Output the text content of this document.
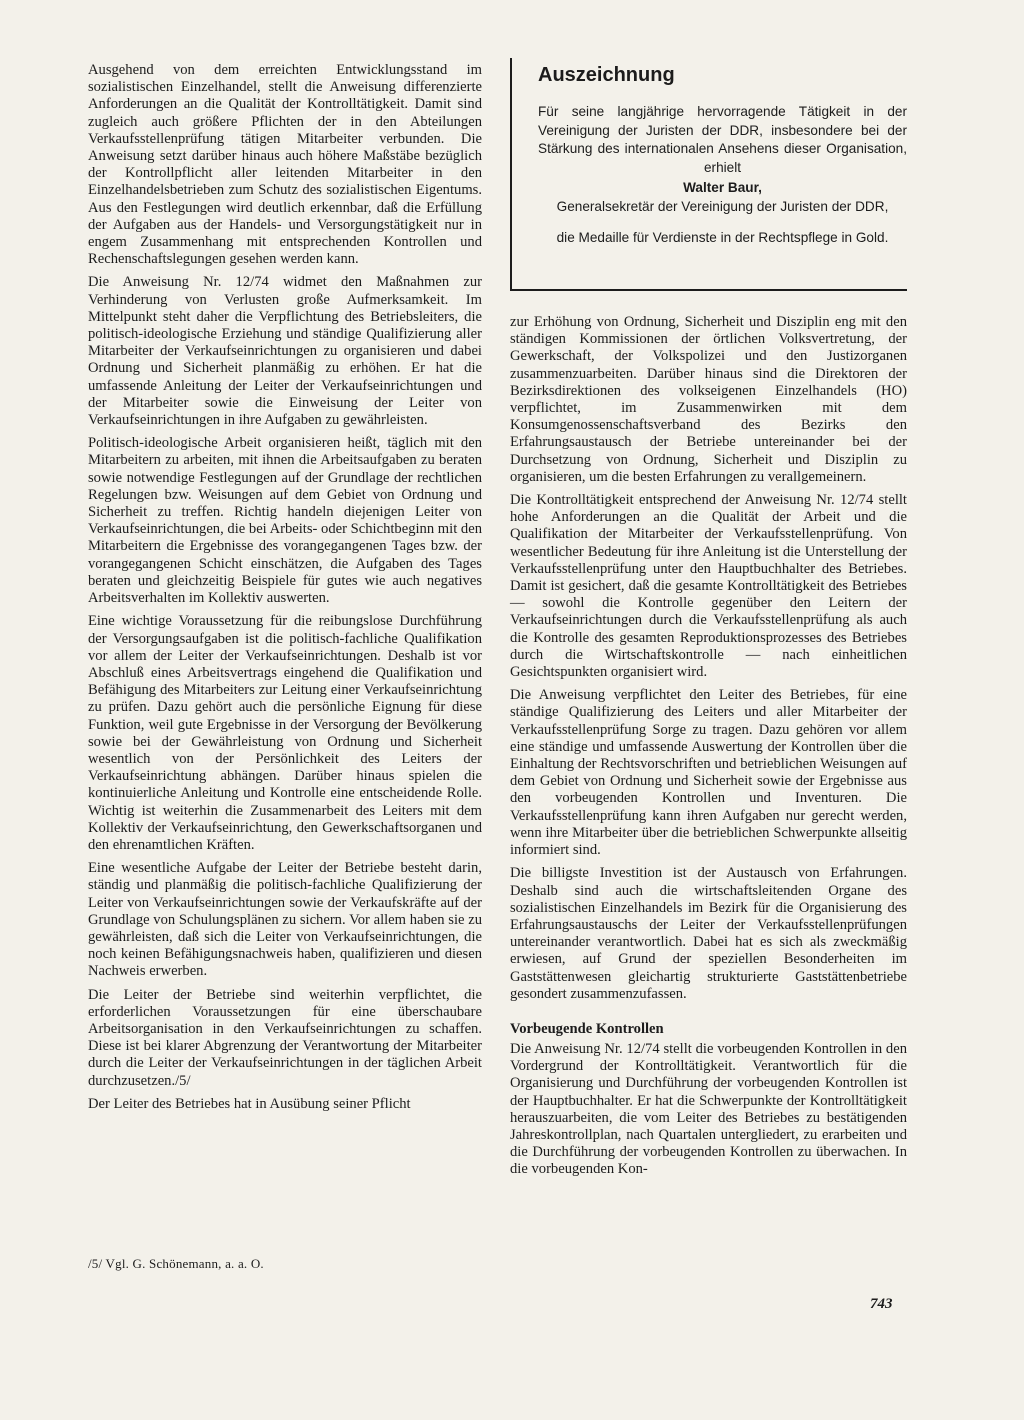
Ausgehend von dem erreichten Entwicklungsstand im sozialistischen Einzelhandel, stellt die Anweisung differenzierte Anforderungen an die Qualität der Kontrolltätigkeit. Damit sind zugleich auch größere Pflichten der in den Abteilungen Verkaufsstellenprüfung tätigen Mitarbeiter verbunden. Die Anweisung setzt darüber hinaus auch höhere Maßstäbe bezüglich der Kontrollpflicht aller leitenden Mitarbeiter in den Einzelhandelsbetrieben zum Schutz des sozialistischen Eigentums. Aus den Festlegungen wird deutlich erkennbar, daß die Erfüllung der Aufgaben aus der Handels- und Versorgungstätigkeit nur in engem Zusammenhang mit entsprechenden Kontrollen und Rechenschaftslegungen gesehen werden kann.

Die Anweisung Nr. 12/74 widmet den Maßnahmen zur Verhinderung von Verlusten große Aufmerksamkeit. Im Mittelpunkt steht daher die Verpflichtung des Betriebsleiters, die politisch-ideologische Erziehung und ständige Qualifizierung aller Mitarbeiter der Verkaufseinrichtungen zu organisieren und dabei Ordnung und Sicherheit planmäßig zu erhöhen. Er hat die umfassende Anleitung der Leiter der Verkaufseinrichtungen und der Mitarbeiter sowie die Einweisung der Leiter von Verkaufseinrichtungen in ihre Aufgaben zu gewährleisten.

Politisch-ideologische Arbeit organisieren heißt, täglich mit den Mitarbeitern zu arbeiten, mit ihnen die Arbeitsaufgaben zu beraten sowie notwendige Festlegungen auf der Grundlage der rechtlichen Regelungen bzw. Weisungen auf dem Gebiet von Ordnung und Sicherheit zu treffen. Richtig handeln diejenigen Leiter von Verkaufseinrichtungen, die bei Arbeits- oder Schichtbeginn mit den Mitarbeitern die Ergebnisse des vorangegangenen Tages bzw. der vorangegangenen Schicht einschätzen, die Aufgaben des Tages beraten und gleichzeitig Beispiele für gutes wie auch negatives Arbeitsverhalten im Kollektiv auswerten.

Eine wichtige Voraussetzung für die reibungslose Durchführung der Versorgungsaufgaben ist die politisch-fachliche Qualifikation vor allem der Leiter der Verkaufseinrichtungen. Deshalb ist vor Abschluß eines Arbeitsvertrags eingehend die Qualifikation und Befähigung des Mitarbeiters zur Leitung einer Verkaufseinrichtung zu prüfen. Dazu gehört auch die persönliche Eignung für diese Funktion, weil gute Ergebnisse in der Versorgung der Bevölkerung sowie bei der Gewährleistung von Ordnung und Sicherheit wesentlich von der Persönlichkeit des Leiters der Verkaufseinrichtung abhängen. Darüber hinaus spielen die kontinuierliche Anleitung und Kontrolle eine entscheidende Rolle. Wichtig ist weiterhin die Zusammenarbeit des Leiters mit dem Kollektiv der Verkaufseinrichtung, den Gewerkschaftsorganen und den ehrenamtlichen Kräften.

Eine wesentliche Aufgabe der Leiter der Betriebe besteht darin, ständig und planmäßig die politisch-fachliche Qualifizierung der Leiter von Verkaufseinrichtungen sowie der Verkaufskräfte auf der Grundlage von Schulungsplänen zu sichern. Vor allem haben sie zu gewährleisten, daß sich die Leiter von Verkaufseinrichtungen, die noch keinen Befähigungsnachweis haben, qualifizieren und diesen Nachweis erwerben.

Die Leiter der Betriebe sind weiterhin verpflichtet, die erforderlichen Voraussetzungen für eine überschaubare Arbeitsorganisation in den Verkaufseinrichtungen zu schaffen. Diese ist bei klarer Abgrenzung der Verantwortung der Mitarbeiter durch die Leiter der Verkaufseinrichtungen in der täglichen Arbeit durchzusetzen./5/

Der Leiter des Betriebes hat in Ausübung seiner Pflicht

/5/ Vgl. G. Schönemann, a. a. O.
Auszeichnung

Für seine langjährige hervorragende Tätigkeit in der Vereinigung der Juristen der DDR, insbesondere bei der Stärkung des internationalen Ansehens dieser Organisation, erhielt

Walter Baur,

Generalsekretär der Vereinigung der Juristen der DDR,

die Medaille für Verdienste in der Rechtspflege in Gold.

zur Erhöhung von Ordnung, Sicherheit und Disziplin eng mit den ständigen Kommissionen der örtlichen Volksvertretung, der Gewerkschaft, der Volkspolizei und den Justizorganen zusammenzuarbeiten. Darüber hinaus sind die Direktoren der Bezirksdirektionen des volkseigenen Einzelhandels (HO) verpflichtet, im Zusammenwirken mit dem Konsumgenossenschaftsverband des Bezirks den Erfahrungsaustausch der Betriebe untereinander bei der Durchsetzung von Ordnung, Sicherheit und Disziplin zu organisieren, um die besten Erfahrungen zu verallgemeinern.

Die Kontrolltätigkeit entsprechend der Anweisung Nr. 12/74 stellt hohe Anforderungen an die Qualität der Arbeit und die Qualifikation der Mitarbeiter der Verkaufsstellenprüfung. Von wesentlicher Bedeutung für ihre Anleitung ist die Unterstellung der Verkaufsstellenprüfung unter den Hauptbuchhalter des Betriebes. Damit ist gesichert, daß die gesamte Kontrolltätigkeit des Betriebes — sowohl die Kontrolle gegenüber den Leitern der Verkaufseinrichtungen durch die Verkaufsstellenprüfung als auch die Kontrolle des gesamten Reproduktionsprozesses des Betriebes durch die Wirtschaftskontrolle — nach einheitlichen Gesichtspunkten organisiert wird.

Die Anweisung verpflichtet den Leiter des Betriebes, für eine ständige Qualifizierung des Leiters und aller Mitarbeiter der Verkaufsstellenprüfung Sorge zu tragen. Dazu gehören vor allem eine ständige und umfassende Auswertung der Kontrollen über die Einhaltung der Rechtsvorschriften und betrieblichen Weisungen auf dem Gebiet von Ordnung und Sicherheit sowie der Ergebnisse aus den vorbeugenden Kontrollen und Inventuren. Die Verkaufsstellenprüfung kann ihren Aufgaben nur gerecht werden, wenn ihre Mitarbeiter über die betrieblichen Schwerpunkte allseitig informiert sind.

Die billigste Investition ist der Austausch von Erfahrungen. Deshalb sind auch die wirtschaftsleitenden Organe des sozialistischen Einzelhandels im Bezirk für die Organisierung des Erfahrungsaustauschs der Leiter der Verkaufsstellenprüfungen untereinander verantwortlich. Dabei hat es sich als zweckmäßig erwiesen, auf Grund der speziellen Besonderheiten im Gaststättenwesen gleichartig strukturierte Gaststättenbetriebe gesondert zusammenzufassen.

Vorbeugende Kontrollen

Die Anweisung Nr. 12/74 stellt die vorbeugenden Kontrollen in den Vordergrund der Kontrolltätigkeit. Verantwortlich für die Organisierung und Durchführung der vorbeugenden Kontrollen ist der Hauptbuchhalter. Er hat die Schwerpunkte der Kontrolltätigkeit herauszuarbeiten, die vom Leiter des Betriebes zu bestätigenden Jahreskontrollplan, nach Quartalen untergliedert, zu erarbeiten und die Durchführung der vorbeugenden Kontrollen zu überwachen. In die vorbeugenden Kon-

743
